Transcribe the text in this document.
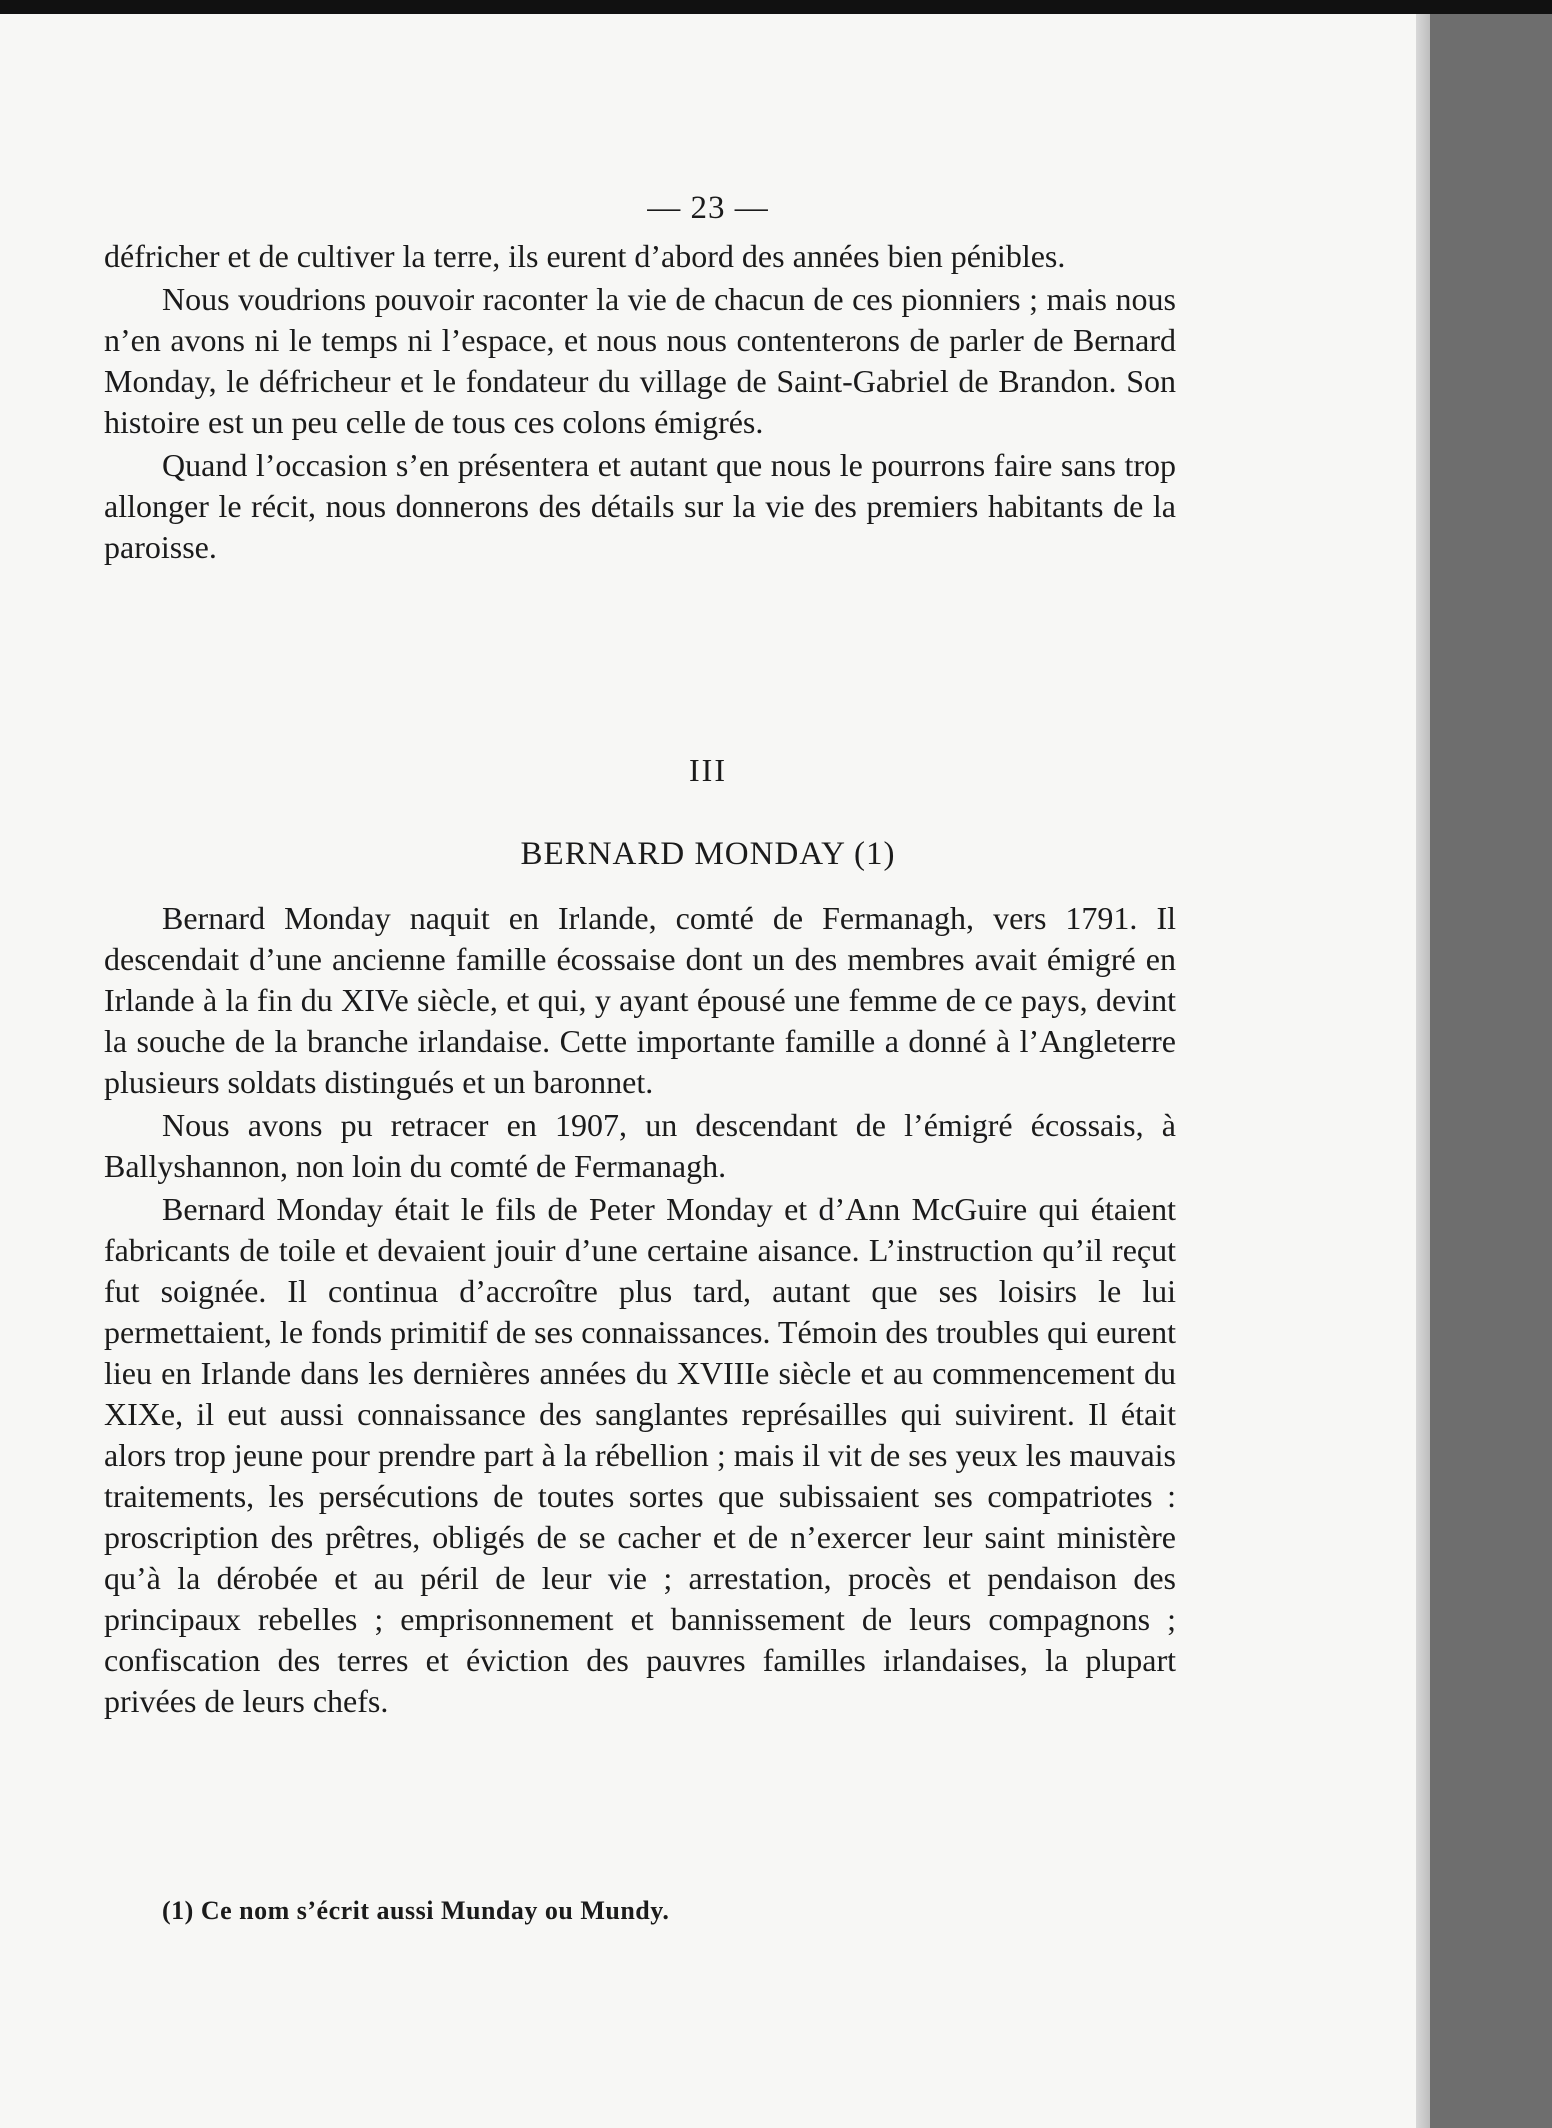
— 23 —

défricher et de cultiver la terre, ils eurent d’abord des années bien pénibles.

Nous voudrions pouvoir raconter la vie de chacun de ces pionniers ; mais nous n’en avons ni le temps ni l’espace, et nous nous contenterons de parler de Bernard Monday, le défricheur et le fondateur du village de Saint-Gabriel de Brandon. Son histoire est un peu celle de tous ces colons émigrés.

Quand l’occasion s’en présentera et autant que nous le pourrons faire sans trop allonger le récit, nous donnerons des détails sur la vie des premiers habitants de la paroisse.

III
BERNARD MONDAY (1)

Bernard Monday naquit en Irlande, comté de Fermanagh, vers 1791. Il descendait d’une ancienne famille écossaise dont un des membres avait émigré en Irlande à la fin du XIVe siècle, et qui, y ayant épousé une femme de ce pays, devint la souche de la branche irlandaise. Cette importante famille a donné à l’Angleterre plusieurs soldats distingués et un baronnet.

Nous avons pu retracer en 1907, un descendant de l’émigré écossais, à Ballyshannon, non loin du comté de Fermanagh.

Bernard Monday était le fils de Peter Monday et d’Ann McGuire qui étaient fabricants de toile et devaient jouir d’une certaine aisance. L’instruction qu’il reçut fut soignée. Il continua d’accroître plus tard, autant que ses loisirs le lui permettaient, le fonds primitif de ses connaissances. Témoin des troubles qui eurent lieu en Irlande dans les dernières années du XVIIIe siècle et au commencement du XIXe, il eut aussi connaissance des sanglantes représailles qui suivirent. Il était alors trop jeune pour prendre part à la rébellion ; mais il vit de ses yeux les mauvais traitements, les persécutions de toutes sortes que subissaient ses compatriotes : proscription des prêtres, obligés de se cacher et de n’exercer leur saint ministère qu’à la dérobée et au péril de leur vie ; arrestation, procès et pendaison des principaux rebelles ; emprisonnement et bannissement de leurs compagnons ; confiscation des terres et éviction des pauvres familles irlandaises, la plupart privées de leurs chefs.

(1) Ce nom s’écrit aussi Munday ou Mundy.
